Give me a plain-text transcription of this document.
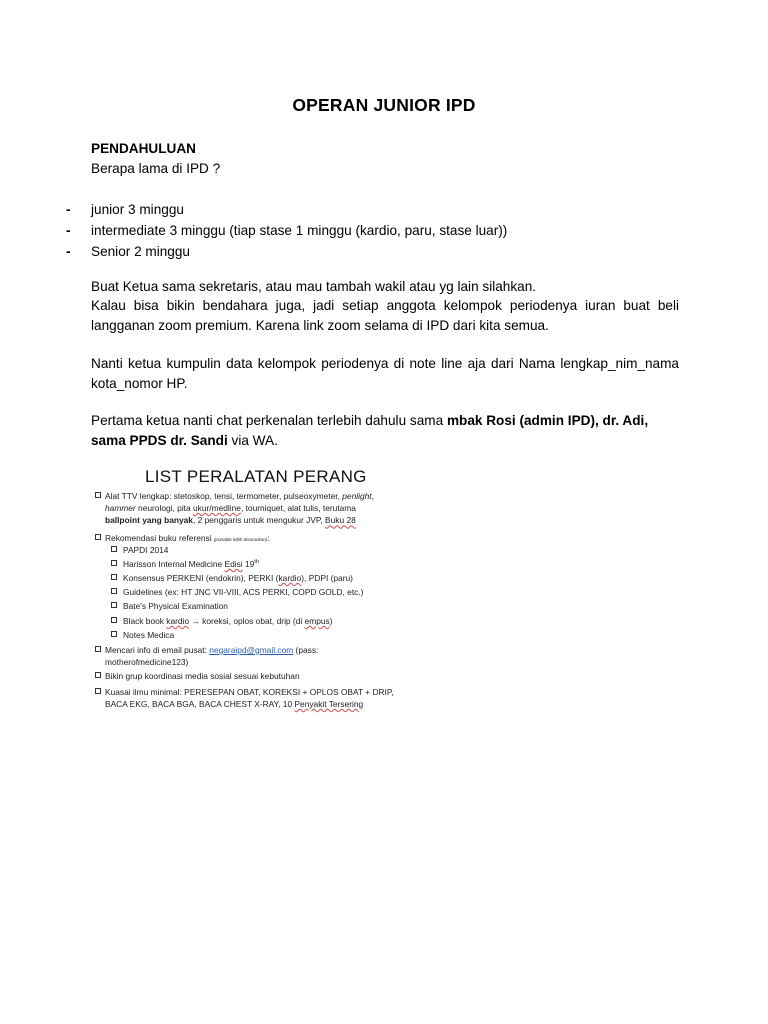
OPERAN JUNIOR IPD
PENDAHULUAN
Berapa lama di IPD ?
- junior 3 minggu
- intermediate 3 minggu (tiap stase 1 minggu (kardio, paru, stase luar))
- Senior 2 minggu
Buat Ketua sama sekretaris, atau mau tambah wakil atau yg lain silahkan.
Kalau bisa bikin bendahara juga, jadi setiap anggota kelompok periodenya iuran buat beli langganan zoom premium. Karena link zoom selama di IPD dari kita semua.
Nanti ketua kumpulin data kelompok periodenya di note line aja dari Nama lengkap_nim_nama kota_nomor HP.
Pertama ketua nanti chat perkenalan terlebih dahulu sama mbak Rosi (admin IPD), dr. Adi, sama PPDS dr. Sandi via WA.
LIST PERALATAN PERANG
Alat TTV lengkap: stetoskop, tensi, termometer, pulseoxymeter, penlight,
hammer neurologi, pita ukur/medline, tourniquet, alat tulis, terutama
ballpoint yang banyak, 2 penggaris untuk mengukur JVP, Buku 28
Rekomendasi buku referensi (portable lebih disarankan):
PAPDI 2014
Harisson Internal Medicine Edisi 19th
Konsensus PERKENI (endokrin), PERKI (kardio), PDPI (paru)
Guidelines (ex: HT JNC VII-VIII, ACS PERKI, COPD GOLD, etc.)
Bate's Physical Examination
Black book kardio → koreksi, oplos obat, drip (di empus)
Notes Medica
Mencari info di email pusat: negaraipd@gmail.com (pass:
motherofmedicine123)
Bikin grup koordinasi media sosial sesuai kebutuhan
Kuasai ilmu minimal: PERESEPAN OBAT, KOREKSI + OPLOS OBAT + DRIP,
BACA EKG, BACA BGA, BACA CHEST X-RAY, 10 Penyakit Tersering
